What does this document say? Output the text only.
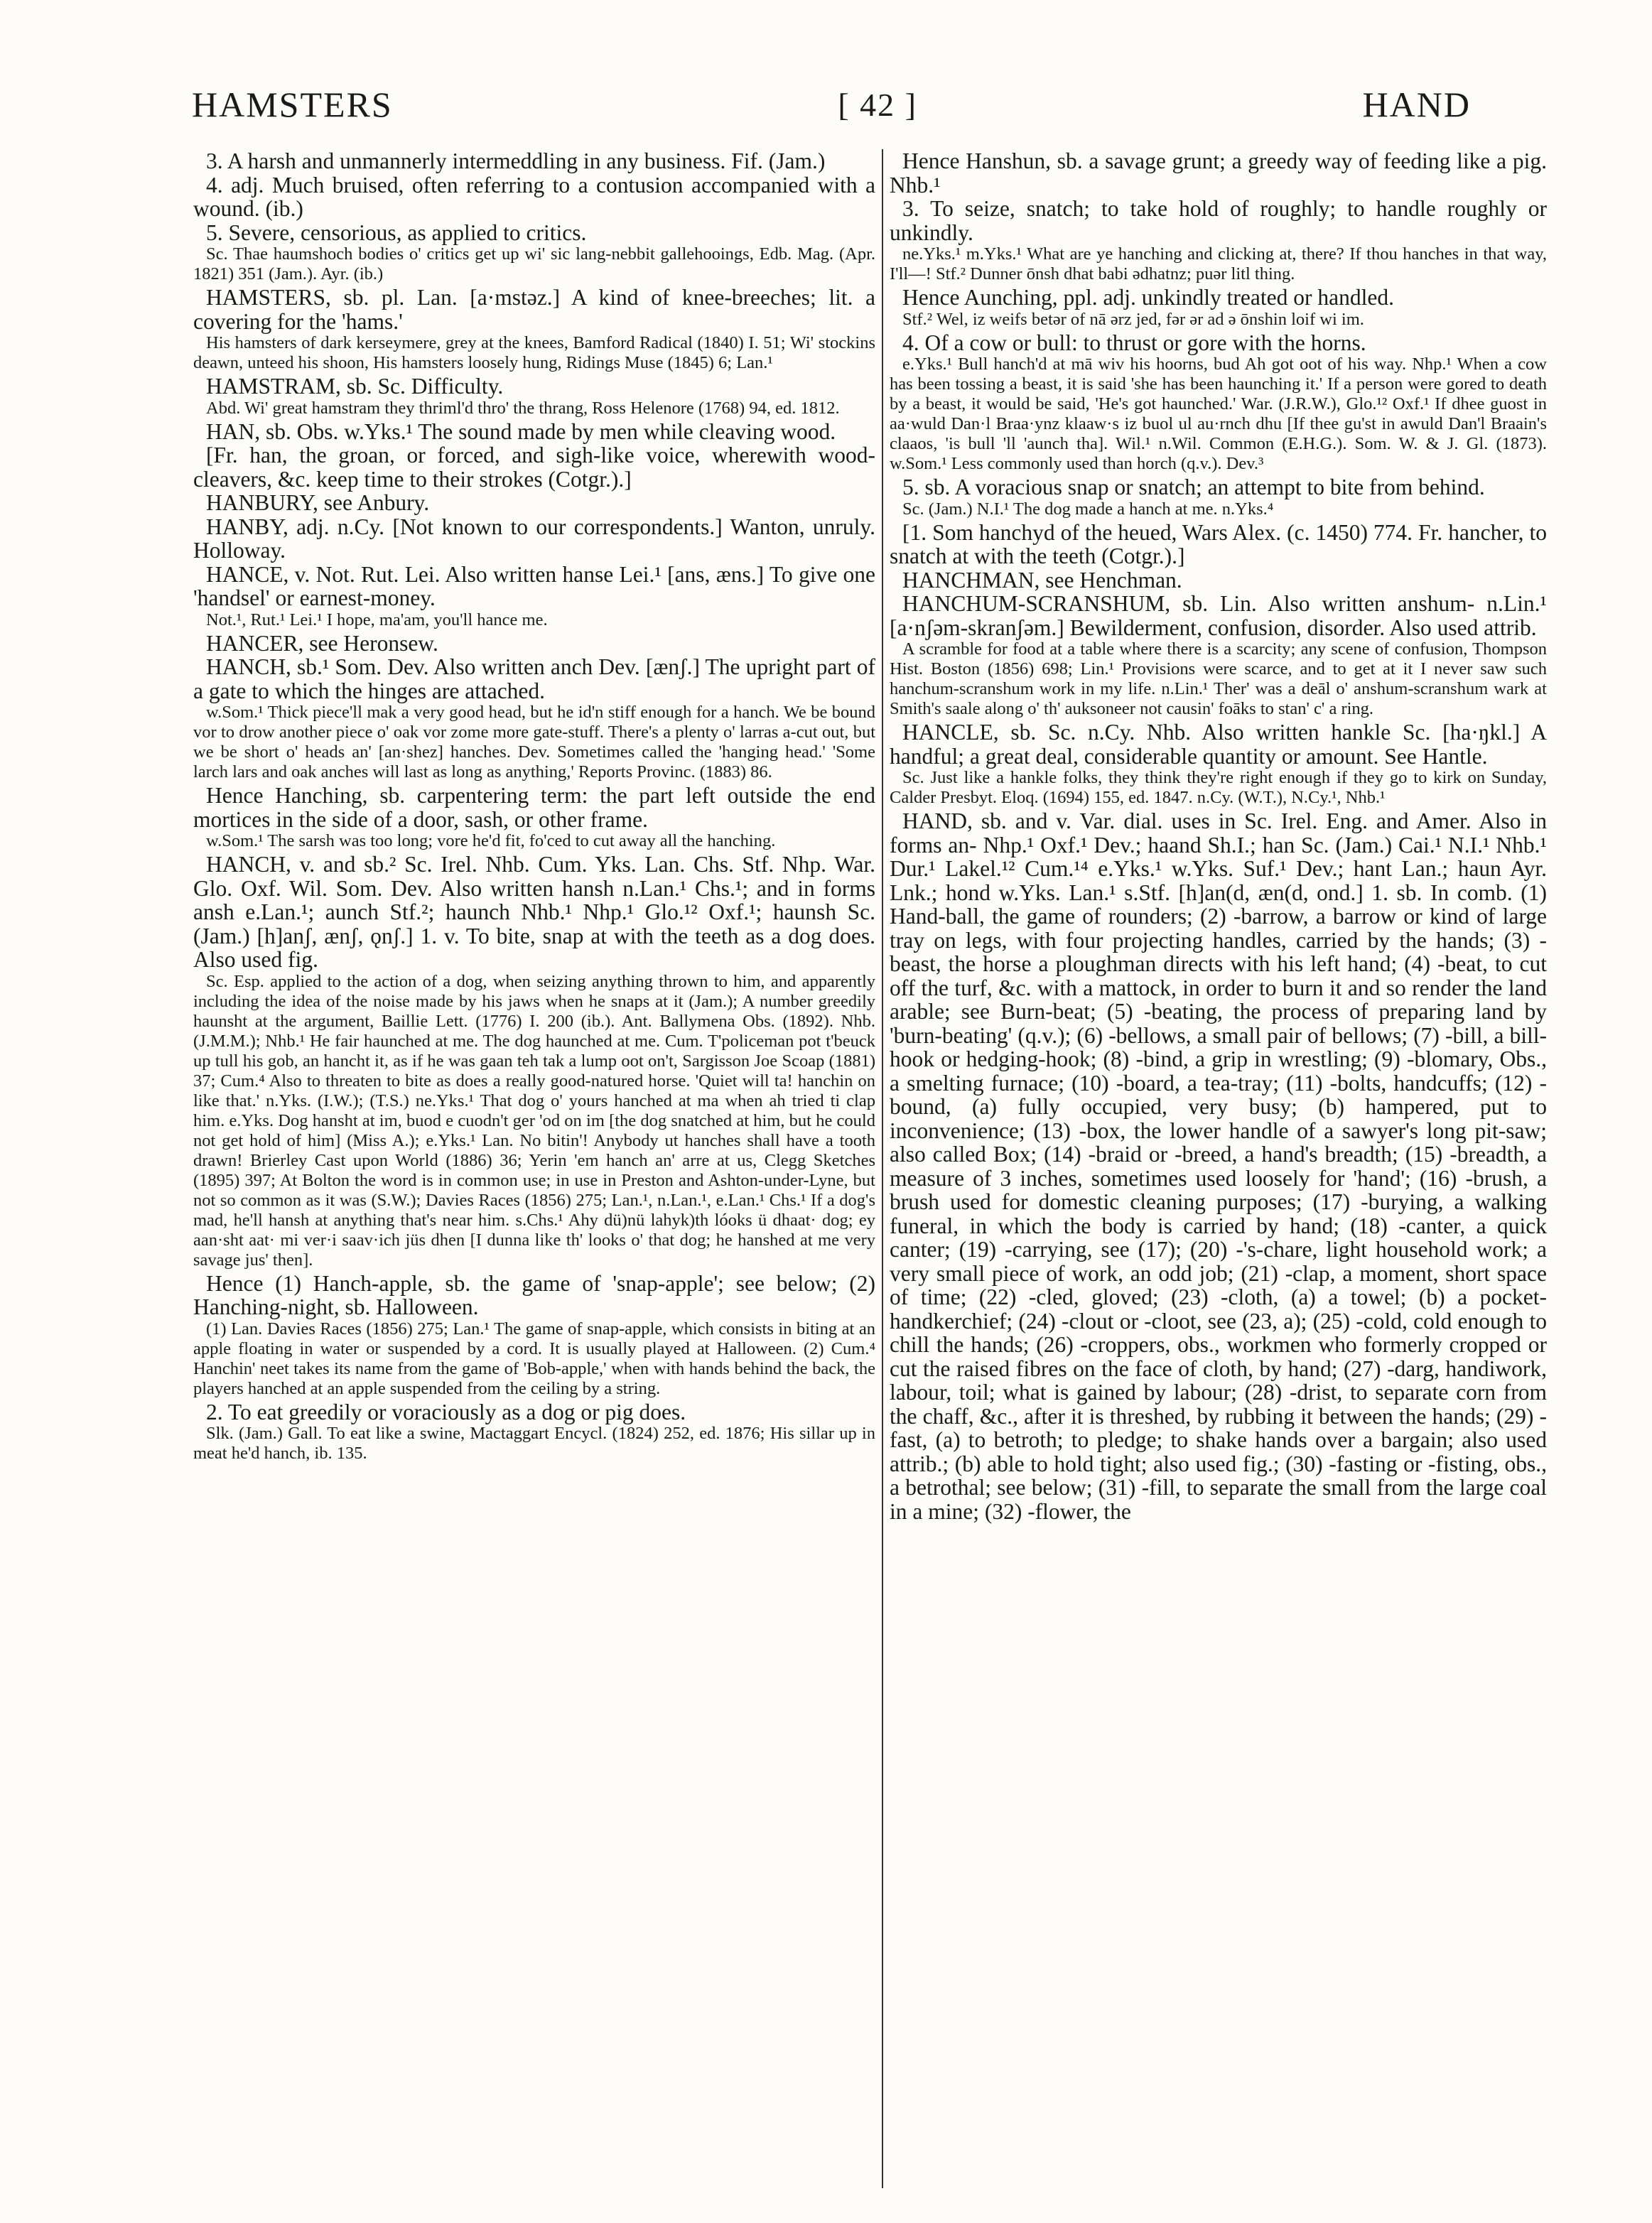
HAMSTERS	[ 42 ]	HAND

3. A harsh and unmannerly intermeddling in any business. Fif. (Jam.)

4. adj. Much bruised, often referring to a contusion accompanied with a wound. (ib.)

5. Severe, censorious, as applied to critics.

Sc. Thae haumshoch bodies o' critics get up wi' sic lang-nebbit gallehooings, Edb. Mag. (Apr. 1821) 351 (Jam.). Ayr. (ib.)

HAMSTERS, sb. pl. Lan. [a·mstəz.] A kind of knee-breeches; lit. a covering for the 'hams.'

His hamsters of dark kerseymere, grey at the knees, Bamford Radical (1840) I. 51; Wi' stockins deawn, unteed his shoon, His hamsters loosely hung, Ridings Muse (1845) 6; Lan.¹

HAMSTRAM, sb. Sc. Difficulty.

Abd. Wi' great hamstram they thriml'd thro' the thrang, Ross Helenore (1768) 94, ed. 1812.

HAN, sb. Obs. w.Yks.¹ The sound made by men while cleaving wood.

[Fr. han, the groan, or forced, and sigh-like voice, wherewith wood-cleavers, &c. keep time to their strokes (Cotgr.).]

HANBURY, see Anbury.

HANBY, adj. n.Cy. [Not known to our correspondents.] Wanton, unruly. Holloway.

HANCE, v. Not. Rut. Lei. Also written hanse Lei.¹ [ans, æns.] To give one 'handsel' or earnest-money.

Not.¹, Rut.¹ Lei.¹ I hope, ma'am, you'll hance me.

HANCER, see Heronsew.

HANCH, sb.¹ Som. Dev. Also written anch Dev. [ænʃ.] The upright part of a gate to which the hinges are attached.

w.Som.¹ Thick piece'll mak a very good head, but he id'n stiff enough for a hanch. We be bound vor to drow another piece o' oak vor zome more gate-stuff. There's a plenty o' larras a-cut out, but we be short o' heads an' [an·shez] hanches. Dev. Sometimes called the 'hanging head.' 'Some larch lars and oak anches will last as long as anything,' Reports Provinc. (1883) 86.

Hence Hanching, sb. carpentering term: the part left outside the end mortices in the side of a door, sash, or other frame.

w.Som.¹ The sarsh was too long; vore he'd fit, fo'ced to cut away all the hanching.

HANCH, v. and sb.² Sc. Irel. Nhb. Cum. Yks. Lan. Chs. Stf. Nhp. War. Glo. Oxf. Wil. Som. Dev. Also written hansh n.Lan.¹ Chs.¹; and in forms ansh e.Lan.¹; aunch Stf.²; haunch Nhb.¹ Nhp.¹ Glo.¹² Oxf.¹; haunsh Sc. (Jam.) [h]anʃ, ænʃ, ǫnʃ.] 1. v. To bite, snap at with the teeth as a dog does. Also used fig.

Sc. Esp. applied to the action of a dog, when seizing anything thrown to him, and apparently including the idea of the noise made by his jaws when he snaps at it (Jam.); A number greedily haunsht at the argument, Baillie Lett. (1776) I. 200 (ib.). Ant. Ballymena Obs. (1892). Nhb. (J.M.M.); Nhb.¹ He fair haunched at me. The dog haunched at me. Cum. T'policeman pot t'beuck up tull his gob, an hancht it, as if he was gaan teh tak a lump oot on't, Sargisson Joe Scoap (1881) 37; Cum.⁴ Also to threaten to bite as does a really good-natured horse. 'Quiet will ta! hanchin on like that.' n.Yks. (I.W.); (T.S.) ne.Yks.¹ That dog o' yours hanched at ma when ah tried ti clap him. e.Yks. Dog hansht at im, buod e cuodn't ger 'od on im [the dog snatched at him, but he could not get hold of him] (Miss A.); e.Yks.¹ Lan. No bitin'! Anybody ut hanches shall have a tooth drawn! Brierley Cast upon World (1886) 36; Yerin 'em hanch an' arre at us, Clegg Sketches (1895) 397; At Bolton the word is in common use; in use in Preston and Ashton-under-Lyne, but not so common as it was (S.W.); Davies Races (1856) 275; Lan.¹, n.Lan.¹, e.Lan.¹ Chs.¹ If a dog's mad, he'll hansh at anything that's near him. s.Chs.¹ Ahy dü)nü lahyk)th lóoks ü dhaat· dog; ey aan·sht aat· mi ver·i saav·ich jüs dhen [I dunna like th' looks o' that dog; he hanshed at me very savage jus' then].

Hence (1) Hanch-apple, sb. the game of 'snap-apple'; see below; (2) Hanching-night, sb. Halloween.

(1) Lan. Davies Races (1856) 275; Lan.¹ The game of snap-apple, which consists in biting at an apple floating in water or suspended by a cord. It is usually played at Halloween. (2) Cum.⁴ Hanchin' neet takes its name from the game of 'Bob-apple,' when with hands behind the back, the players hanched at an apple suspended from the ceiling by a string.

2. To eat greedily or voraciously as a dog or pig does.

Slk. (Jam.) Gall. To eat like a swine, Mactaggart Encycl. (1824) 252, ed. 1876; His sillar up in meat he'd hanch, ib. 135.

Hence Hanshun, sb. a savage grunt; a greedy way of feeding like a pig. Nhb.¹

3. To seize, snatch; to take hold of roughly; to handle roughly or unkindly.

ne.Yks.¹ m.Yks.¹ What are ye hanching and clicking at, there? If thou hanches in that way, I'll—! Stf.² Dunner ōnsh dhat babi ədhatnz; puər litl thing.

Hence Aunching, ppl. adj. unkindly treated or handled.

Stf.² Wel, iz weifs betər of nā ərz jed, fər ər ad ə ōnshin loif wi im.

4. Of a cow or bull: to thrust or gore with the horns.

e.Yks.¹ Bull hanch'd at mā wiv his hoorns, bud Ah got oot of his way. Nhp.¹ When a cow has been tossing a beast, it is said 'she has been haunching it.' If a person were gored to death by a beast, it would be said, 'He's got haunched.' War. (J.R.W.), Glo.¹² Oxf.¹ If dhee guost in aa·wuld Dan·l Braa·ynz klaaw·s iz buol ul au·rnch dhu [If thee gu'st in awuld Dan'l Braain's claaos, 'is bull 'll 'aunch tha]. Wil.¹ n.Wil. Common (E.H.G.). Som. W. & J. Gl. (1873). w.Som.¹ Less commonly used than horch (q.v.). Dev.³

5. sb. A voracious snap or snatch; an attempt to bite from behind.

Sc. (Jam.) N.I.¹ The dog made a hanch at me. n.Yks.⁴

[1. Som hanchyd of the heued, Wars Alex. (c. 1450) 774. Fr. hancher, to snatch at with the teeth (Cotgr.).]

HANCHMAN, see Henchman.

HANCHUM-SCRANSHUM, sb. Lin. Also written anshum- n.Lin.¹ [a·nʃəm-skranʃəm.] Bewilderment, confusion, disorder. Also used attrib.

A scramble for food at a table where there is a scarcity; any scene of confusion, Thompson Hist. Boston (1856) 698; Lin.¹ Provisions were scarce, and to get at it I never saw such hanchum-scranshum work in my life. n.Lin.¹ Ther' was a deāl o' anshum-scranshum wark at Smith's saale along o' th' auksoneer not causin' foāks to stan' c' a ring.

HANCLE, sb. Sc. n.Cy. Nhb. Also written hankle Sc. [ha·ŋkl.] A handful; a great deal, considerable quantity or amount. See Hantle.

Sc. Just like a hankle folks, they think they're right enough if they go to kirk on Sunday, Calder Presbyt. Eloq. (1694) 155, ed. 1847. n.Cy. (W.T.), N.Cy.¹, Nhb.¹

HAND, sb. and v. Var. dial. uses in Sc. Irel. Eng. and Amer. Also in forms an- Nhp.¹ Oxf.¹ Dev.; haand Sh.I.; han Sc. (Jam.) Cai.¹ N.I.¹ Nhb.¹ Dur.¹ Lakel.¹² Cum.¹⁴ e.Yks.¹ w.Yks. Suf.¹ Dev.; hant Lan.; haun Ayr. Lnk.; hond w.Yks. Lan.¹ s.Stf. [h]an(d, æn(d, ond.] 1. sb. In comb. (1) Hand-ball, the game of rounders; (2) -barrow, a barrow or kind of large tray on legs, with four projecting handles, carried by the hands; (3) -beast, the horse a ploughman directs with his left hand; (4) -beat, to cut off the turf, &c. with a mattock, in order to burn it and so render the land arable; see Burn-beat; (5) -beating, the process of preparing land by 'burn-beating' (q.v.); (6) -bellows, a small pair of bellows; (7) -bill, a bill-hook or hedging-hook; (8) -bind, a grip in wrestling; (9) -blomary, Obs., a smelting furnace; (10) -board, a tea-tray; (11) -bolts, handcuffs; (12) -bound, (a) fully occupied, very busy; (b) hampered, put to inconvenience; (13) -box, the lower handle of a sawyer's long pit-saw; also called Box; (14) -braid or -breed, a hand's breadth; (15) -breadth, a measure of 3 inches, sometimes used loosely for 'hand'; (16) -brush, a brush used for domestic cleaning purposes; (17) -burying, a walking funeral, in which the body is carried by hand; (18) -canter, a quick canter; (19) -carrying, see (17); (20) -'s-chare, light household work; a very small piece of work, an odd job; (21) -clap, a moment, short space of time; (22) -cled, gloved; (23) -cloth, (a) a towel; (b) a pocket-handkerchief; (24) -clout or -cloot, see (23, a); (25) -cold, cold enough to chill the hands; (26) -croppers, obs., workmen who formerly cropped or cut the raised fibres on the face of cloth, by hand; (27) -darg, handiwork, labour, toil; what is gained by labour; (28) -drist, to separate corn from the chaff, &c., after it is threshed, by rubbing it between the hands; (29) -fast, (a) to betroth; to pledge; to shake hands over a bargain; also used attrib.; (b) able to hold tight; also used fig.; (30) -fasting or -fisting, obs., a betrothal; see below; (31) -fill, to separate the small from the large coal in a mine; (32) -flower, the
